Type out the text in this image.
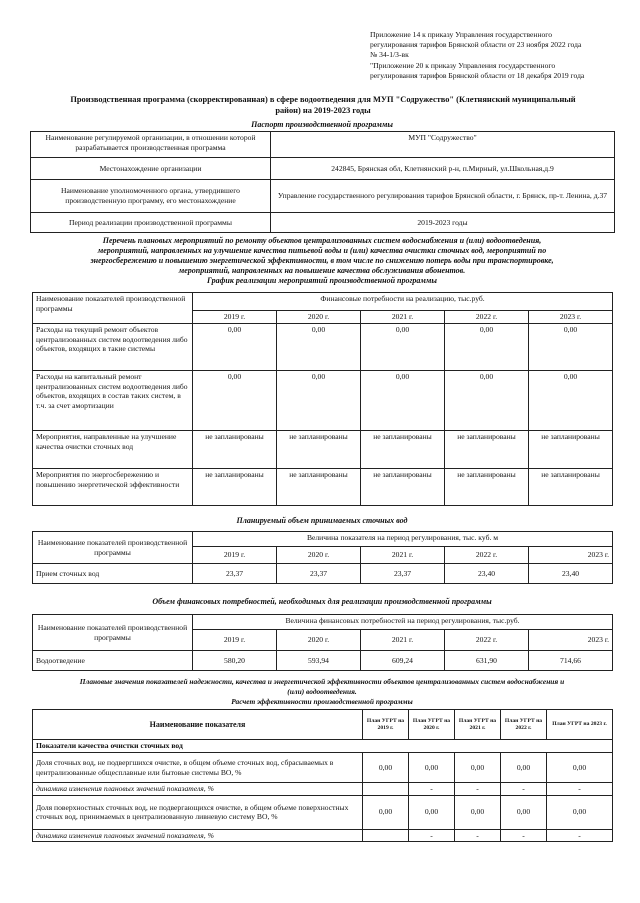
Приложение 14 к приказу Управления государственного
регулирования тарифов Брянской области от 23 ноября 2022 года
№ 34-1/3-вк
"Приложение 20 к приказу Управления государственного
регулирования тарифов Брянской области от 18 декабря 2019 года
Производственная программа (скорректированная) в сфере водоотведения для МУП "Содружество" (Клетнянский муниципальный
район) на 2019-2023 годы
Паспорт производственной программы
Наименование регулируемой организации, в отношении которой разрабатывается производственная программа	МУП "Содружество"
Местонахождение организации	242845, Брянская обл, Клетнянский р-н, п.Мирный, ул.Школьная,д.9
Наименование уполномоченного органа, утвердившего производственную программу, его местонахождение	Управление государственного регулирования тарифов Брянской области, г. Брянск, пр-т. Ленина, д.37
Период реализации производственной программы	2019-2023 годы
Перечень плановых мероприятий по ремонту объектов централизованных систем водоснабжения и (или) водоотведения,
мероприятий, направленных на улучшение качества питьевой воды и (или) качества очистки сточных вод, мероприятий по
энергосбережению и повышению энергетической эффективности, в том числе по снижению потерь воды при транспортировке,
мероприятий, направленных на повышение качества обслуживания абонентов.
График реализации мероприятий производственной программы
Наименование показателей производственной программы	Финансовые потребности на реализацию, тыс.руб.				
	2019 г.	2020 г.	2021 г.	2022 г.	2023 г.
Расходы на текущий ремонт объектов централизованных систем водоотведения либо объектов, входящих в такие системы	0,00	0,00	0,00	0,00	0,00
Расходы на капитальный ремонт централизованных систем водоотведения либо объектов, входящих в состав таких систем, в т.ч. за счет амортизации	0,00	0,00	0,00	0,00	0,00
Мероприятия, направленные на улучшение качества очистки сточных вод	не запланированы	не запланированы	не запланированы	не запланированы	не запланированы
Мероприятия по энергосбережению и повышению энергетической эффективности	не запланированы	не запланированы	не запланированы	не запланированы	не запланированы
Планируемый объем принимаемых сточных вод
Наименование показателей производственной программы	Величина показателя на период регулирования, тыс. куб. м				
	2019 г.	2020 г.	2021 г.	2022 г.	2023 г.
Прием сточных вод	23,37	23,37	23,37	23,40	23,40
Объем финансовых потребностей, необходимых для реализации производственной программы
Наименование показателей производственной программы	Величина финансовых потребностей на период регулирования, тыс.руб.				
	2019 г.	2020 г.	2021 г.	2022 г.	2023 г.
Водоотведение	580,20	593,94	609,24	631,90	714,66
Плановые значения показателей надежности, качества и энергетической эффективности объектов централизованных систем водоснабжения и
(или) водоотведения.
Расчет эффективности производственной программы
Наименование показателя	План УГРТ на 2019 г.	План УГРТ на 2020 г.	План УГРТ на 2021 г.	План УГРТ на 2022 г.	План УГРТ на 2023 г.
Показатели качества очистки сточных вод					
Доля сточных вод, не подвергшихся очистке, в общем объеме сточных вод, сбрасываемых в централизованные общесплавные или бытовые системы ВО, %	0,00	0,00	0,00	0,00	0,00
динамика изменения плановых значений показателя, %		-	-	-	-
Доля поверхностных сточных вод, не подвергающихся очистке, в общем объеме поверхностных сточных вод, принимаемых в централизованную ливневую систему ВО, %	0,00	0,00	0,00	0,00	0,00
динамика изменения плановых значений показателя, %		-	-	-	-
